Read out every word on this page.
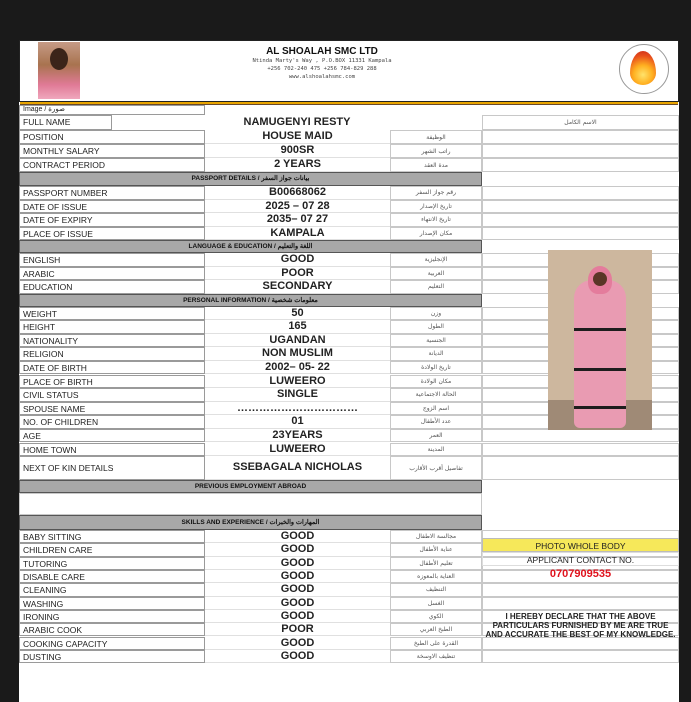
AL SHOALAH SMC LTD
Ntinda Marty's Way , P.O.BOX 11331 Kampala
+256 702-240 475 +256 784-829 288
www.alshoalahsmc.com
Image / صورة
FULL NAME	NAMUGENYI RESTY	الاسم الكامل
POSITION	HOUSE MAID	الوظيفة
MONTHLY SALARY	900SR	راتب الشهر
CONTRACT PERIOD	2 YEARS	مدة العقد
PASSPORT DETAILS / بيانات جواز السفر
PASSPORT NUMBER	B00668062	رقم جواز السفر
DATE OF ISSUE	2025 – 07 28	تاريخ الإصدار
DATE OF EXPIRY	2035– 07 27	تاريخ الانتهاء
PLACE OF ISSUE	KAMPALA	مكان الإصدار
LANGUAGE & EDUCATION / اللغة والتعليم
ENGLISH	GOOD	الإنجليزية
ARABIC	POOR	العربية
EDUCATION	SECONDARY	التعليم
PERSONAL INFORMATION / معلومات شخصية
WEIGHT	50	وزن
HEIGHT	165	الطول
NATIONALITY	UGANDAN	الجنسية
RELIGION	NON MUSLIM	الديانة
DATE OF BIRTH	2002– 05- 22	تاريخ الولادة
PLACE OF BIRTH	LUWEERO	مكان الولادة
CIVIL STATUS	SINGLE	الحالة الاجتماعية
SPOUSE NAME	……………………………	اسم الزوج
NO. OF CHILDREN	01	عدد الأطفال
AGE	23YEARS	العمر
HOME TOWN	LUWEERO	المدينة
NEXT OF KIN DETAILS	SSEBAGALA NICHOLAS	تفاصيل أقرب الأقارب
PREVIOUS EMPLOYMENT ABROAD
SKILLS AND EXPERIENCE / المهارات والخبرات
BABY SITTING	GOOD	مجالسة الاطفال
CHILDREN CARE	GOOD	عناية الأطفال
TUTORING	GOOD	تعليم الأطفال
DISABLE CARE	GOOD	العناية بالمعوزه
CLEANING	GOOD	التنظيف
WASHING	GOOD	الغسل
IRONING	GOOD	الكوي
ARABIC COOK	POOR	الطبخ العربي
COOKING CAPACITY	GOOD	القدرة على الطبخ
DUSTING	GOOD	تنظيف الاوسخة
PHOTO WHOLE BODY
APPLICANT CONTACT NO.
0707909535
I HEREBY DECLARE THAT THE ABOVE PARTICULARS FURNISHED BY ME ARE TRUE AND ACCURATE THE BEST OF MY KNOWLEDGE.
